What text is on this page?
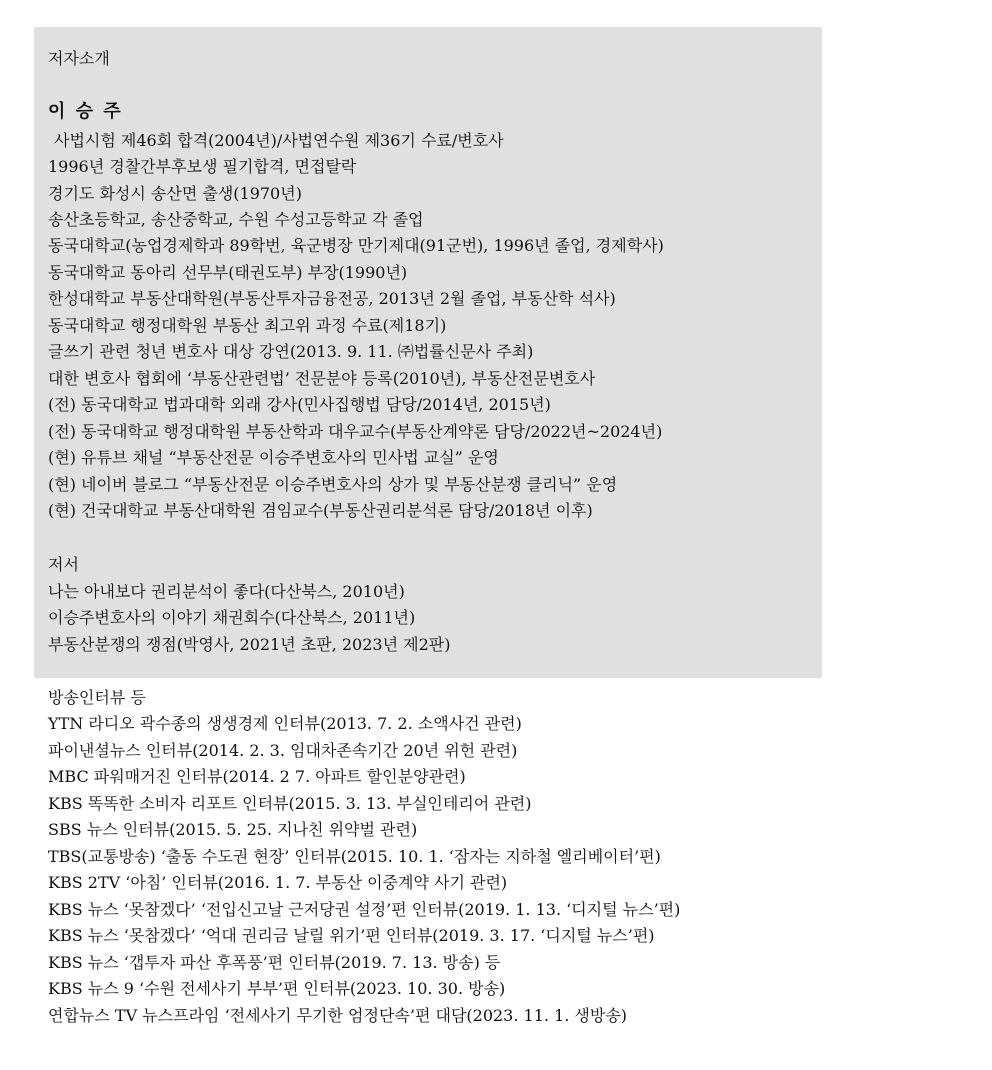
저자소개
이 승 주
사법시험 제46회 합격(2004년)/사법연수원 제36기 수료/변호사
1996년 경찰간부후보생 필기합격, 면접탈락
경기도 화성시 송산면 출생(1970년)
송산초등학교, 송산중학교, 수원 수성고등학교 각 졸업
동국대학교(농업경제학과 89학번, 육군병장 만기제대(91군번), 1996년 졸업, 경제학사)
동국대학교 동아리 선무부(태권도부) 부장(1990년)
한성대학교 부동산대학원(부동산투자금융전공, 2013년 2월 졸업, 부동산학 석사)
동국대학교 행정대학원 부동산 최고위 과정 수료(제18기)
글쓰기 관련 청년 변호사 대상 강연(2013. 9. 11. ㈜법률신문사 주최)
대한 변호사 협회에 ‘부동산관련법’ 전문분야 등록(2010년), 부동산전문변호사
(전) 동국대학교 법과대학 외래 강사(민사집행법 담당/2014년, 2015년)
(전) 동국대학교 행정대학원 부동산학과 대우교수(부동산계약론 담당/2022년~2024년)
(현) 유튜브 채널 “부동산전문 이승주변호사의 민사법 교실” 운영
(현) 네이버 블로그 “부동산전문 이승주변호사의 상가 및 부동산분쟁 클리닉” 운영
(현) 건국대학교 부동산대학원 겸임교수(부동산권리분석론 담당/2018년 이후)
저서
나는 아내보다 권리분석이 좋다(다산북스, 2010년)
이승주변호사의 이야기 채권회수(다산북스, 2011년)
부동산분쟁의 쟁점(박영사, 2021년 초판, 2023년 제2판)
방송인터뷰 등
YTN 라디오 곽수종의 생생경제 인터뷰(2013. 7. 2. 소액사건 관련)
파이낸셜뉴스 인터뷰(2014. 2. 3. 임대차존속기간 20년 위헌 관련)
MBC 파워매거진 인터뷰(2014. 2 7. 아파트 할인분양관련)
KBS 똑똑한 소비자 리포트 인터뷰(2015. 3. 13. 부실인테리어 관련)
SBS 뉴스 인터뷰(2015. 5. 25. 지나친 위약벌 관련)
TBS(교통방송) ‘출동 수도권 현장’ 인터뷰(2015. 10. 1. ‘잠자는 지하철 엘리베이터’편)
KBS 2TV ‘아침’ 인터뷰(2016. 1. 7. 부동산 이중계약 사기 관련)
KBS 뉴스 ‘못참겠다’ ‘전입신고날 근저당권 설정’편 인터뷰(2019. 1. 13. ‘디지털 뉴스’편)
KBS 뉴스 ‘못참겠다’ ‘억대 권리금 날릴 위기’편 인터뷰(2019. 3. 17. ‘디지털 뉴스’편)
KBS 뉴스 ‘갭투자 파산 후폭풍’편 인터뷰(2019. 7. 13. 방송) 등
KBS 뉴스 9 ‘수원 전세사기 부부’편 인터뷰(2023. 10. 30. 방송)
연합뉴스 TV 뉴스프라임 ‘전세사기 무기한 엄정단속’편 대담(2023. 11. 1. 생방송)
